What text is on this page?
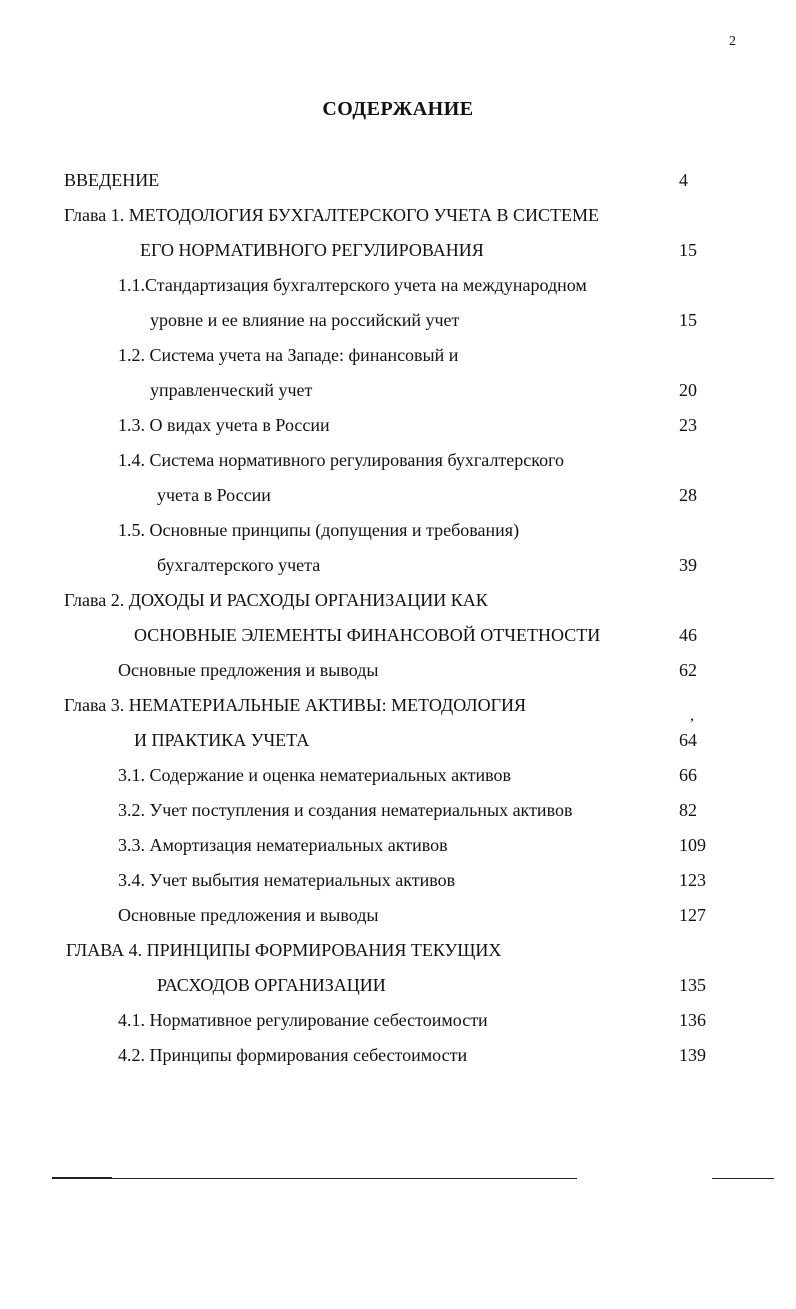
2
СОДЕРЖАНИЕ
ВВЕДЕНИЕ	4
Глава 1. МЕТОДОЛОГИЯ БУХГАЛТЕРСКОГО УЧЕТА В СИСТЕМЕ
ЕГО НОРМАТИВНОГО РЕГУЛИРОВАНИЯ	15
1.1.Стандартизация бухгалтерского учета на международном
уровне и ее влияние на российский учет	15
1.2. Система учета на Западе: финансовый и
управленческий учет	20
1.3. О видах учета в России	23
1.4. Система нормативного регулирования бухгалтерского
учета в России	28
1.5. Основные принципы (допущения и требования)
бухгалтерского учета	39
Глава 2. ДОХОДЫ И РАСХОДЫ ОРГАНИЗАЦИИ КАК
ОСНОВНЫЕ ЭЛЕМЕНТЫ ФИНАНСОВОЙ ОТЧЕТНОСТИ	46
Основные предложения и выводы	62
Глава 3. НЕМАТЕРИАЛЬНЫЕ АКТИВЫ: МЕТОДОЛОГИЯ
И ПРАКТИКА УЧЕТА	64
3.1. Содержание и оценка нематериальных активов	66
3.2. Учет поступления и создания нематериальных активов	82
3.3. Амортизация нематериальных активов	109
3.4. Учет выбытия нематериальных активов	123
Основные предложения и выводы	127
ГЛАВА 4. ПРИНЦИПЫ ФОРМИРОВАНИЯ ТЕКУЩИХ
РАСХОДОВ ОРГАНИЗАЦИИ	135
4.1. Нормативное регулирование себестоимости	136
4.2. Принципы формирования себестоимости	139
’
